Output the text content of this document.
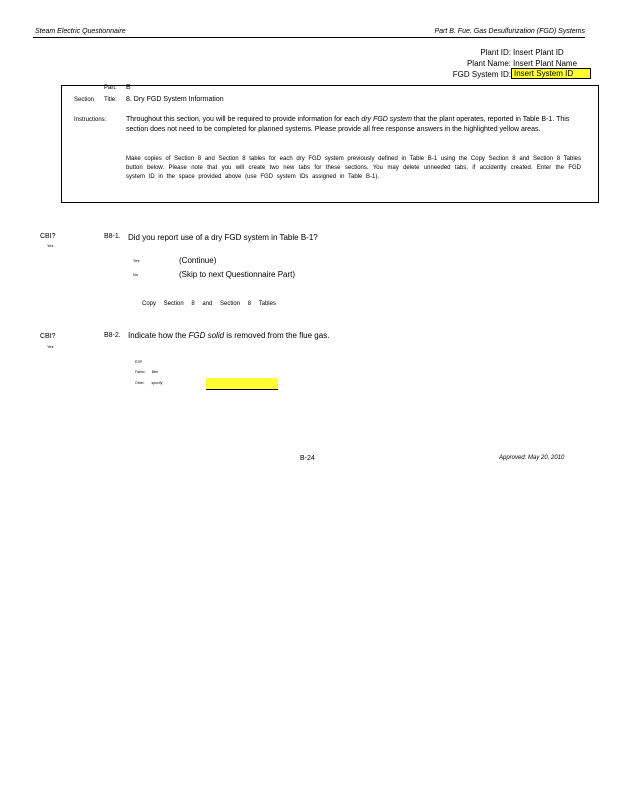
Steam Electric Questionnaire	Part B. Fue. Gas Desulfurization (FGD) Systems
Plant ID: Insert Plant ID
Plant Name: Insert Plant Name
FGD System ID: Insert System ID
Part: B
Section Title: 8. Dry FGD System Information
Instructions:	Throughout this section, you will be required to provide information for each dry FGD system that the plant operates, reported in Table B-1. This section does not need to be completed for planned systems. Please provide all free response answers in the highlighted yellow areas.
Make copies of Section 8 and Section 8 tables for each dry FGD system previously defined in Table B-1 using the Copy Section 8 and Section 8 Tables button below. Please note that you will create two new tabs for these sections. You may delete unneeded tabs, if accidently created. Enter the FGD system ID in the space provided above (use FGD system IDs assigned in Table B-1).
CBI?
Yes
B8-1. Did you report use of a dry FGD system in Table B-1?
Yes	(Continue)
No	(Skip to next Questionnaire Part)
Copy Section 8 and Section 8 Tables
CBI?
Yes
B8-2. Indicate how the FGD solid is removed from the flue gas.
ESP
Fabric filter
Other, specify
B-24	Approved: May 20, 2010
